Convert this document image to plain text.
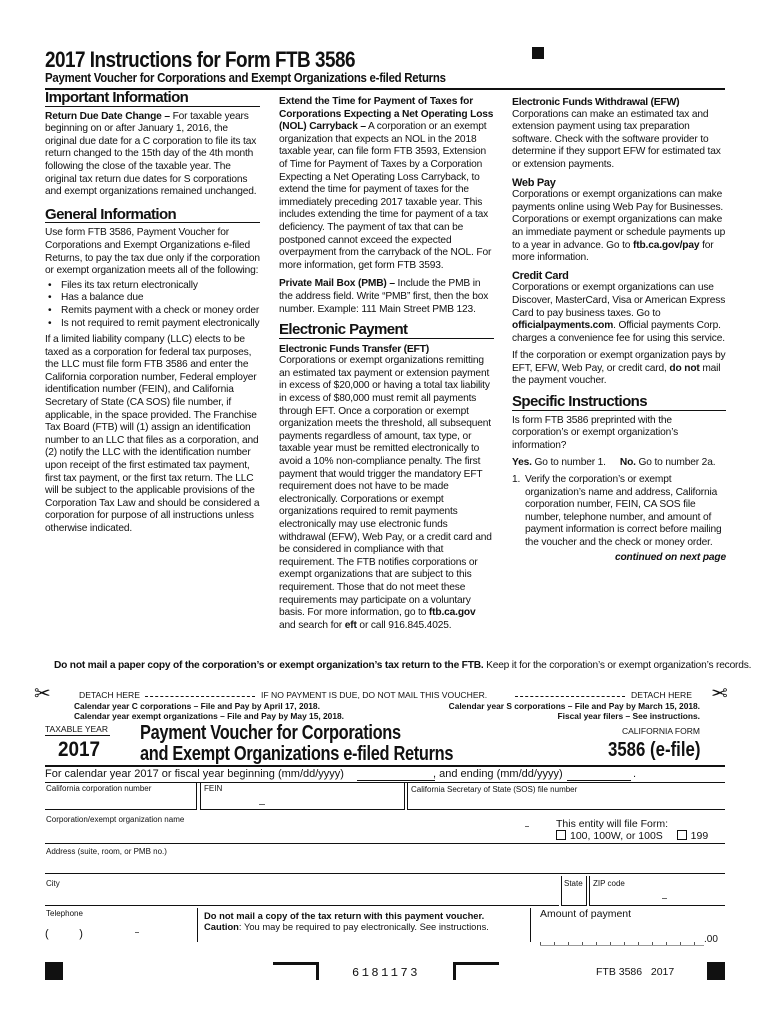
2017 Instructions for Form FTB 3586
Payment Voucher for Corporations and Exempt Organizations e-filed Returns
Important Information

Return Due Date Change – For taxable years beginning on or after January 1, 2016, the original due date for a C corporation to file its tax return changed to the 15th day of the 4th month following the close of the taxable year. The original tax return due dates for S corporations and exempt organizations remained unchanged.

General Information

Use form FTB 3586, Payment Voucher for Corporations and Exempt Organizations e-filed Returns, to pay the tax due only if the corporation or exempt organization meets all of the following:

• Files its tax return electronically
• Has a balance due
• Remits payment with a check or money order
• Is not required to remit payment electronically

If a limited liability company (LLC) elects to be taxed as a corporation for federal tax purposes, the LLC must file form FTB 3586 and enter the California corporation number, Federal employer identification number (FEIN), and California Secretary of State (CA SOS) file number, if applicable, in the space provided. The Franchise Tax Board (FTB) will (1) assign an identification number to an LLC that files as a corporation, and (2) notify the LLC with the identification number upon receipt of the first estimated tax payment, first tax payment, or the first tax return. The LLC will be subject to the applicable provisions of the Corporation Tax Law and should be considered a corporation for purpose of all instructions unless otherwise indicated.

Extend the Time for Payment of Taxes for Corporations Expecting a Net Operating Loss (NOL) Carryback – A corporation or an exempt organization that expects an NOL in the 2018 taxable year, can file form FTB 3593, Extension of Time for Payment of Taxes by a Corporation Expecting a Net Operating Loss Carryback, to extend the time for payment of taxes for the immediately preceding 2017 taxable year. This includes extending the time for payment of a tax deficiency. The payment of tax that can be postponed cannot exceed the expected overpayment from the carryback of the NOL. For more information, get form FTB 3593.

Private Mail Box (PMB) – Include the PMB in the address field. Write “PMB” first, then the box number. Example: 111 Main Street PMB 123.

Electronic Payment
Electronic Funds Transfer (EFT)

Corporations or exempt organizations remitting an estimated tax payment or extension payment in excess of $20,000 or having a total tax liability in excess of $80,000 must remit all payments through EFT. Once a corporation or exempt organization meets the threshold, all subsequent payments regardless of amount, tax type, or taxable year must be remitted electronically to avoid a 10% non-compliance penalty. The first payment that would trigger the mandatory EFT requirement does not have to be made electronically. Corporations or exempt organizations required to remit payments electronically may use electronic funds withdrawal (EFW), Web Pay, or a credit card and be considered in compliance with that requirement. The FTB notifies corporations or exempt organizations that are subject to this requirement. Those that do not meet these requirements may participate on a voluntary basis. For more information, go to ftb.ca.gov and search for eft or call 916.845.4025.

Electronic Funds Withdrawal (EFW)

Corporations can make an estimated tax and extension payment using tax preparation software. Check with the software provider to determine if they support EFW for estimated tax or extension payments.

Web Pay

Corporations or exempt organizations can make payments online using Web Pay for Businesses. Corporations or exempt organizations can make an immediate payment or schedule payments up to a year in advance. Go to ftb.ca.gov/pay for more information.

Credit Card

Corporations or exempt organizations can use Discover, MasterCard, Visa or American Express Card to pay business taxes. Go to officialpayments.com. Official payments Corp. charges a convenience fee for using this service.

If the corporation or exempt organization pays by EFT, EFW, Web Pay, or credit card, do not mail the payment voucher.

Specific Instructions

Is form FTB 3586 preprinted with the corporation’s or exempt organization’s information?

Yes. Go to number 1. No. Go to number 2a.

1. Verify the corporation’s or exempt organization’s name and address, California corporation number, FEIN, CA SOS file number, telephone number, and amount of payment information is correct before mailing the voucher and the check or money order.

continued on next page

Do not mail a paper copy of the corporation’s or exempt organization’s tax return to the FTB. Keep it for the corporation’s or exempt organization’s records.
✂	✂
DETACH HERE	IF NO PAYMENT IS DUE, DO NOT MAIL THIS VOUCHER.	DETACH HERE
Calendar year C corporations – File and Pay by April 17, 2018.
Calendar year exempt organizations – File and Pay by May 15, 2018.
Calendar year S corporations – File and Pay by March 15, 2018.
Fiscal year filers – See instructions.
TAXABLE YEAR
2017
Payment Voucher for Corporations
and Exempt Organizations e-filed Returns
CALIFORNIA FORM
3586 (e-file)
For calendar year 2017 or fiscal year beginning (mm/dd/yyyy)	, and ending (mm/dd/yyyy)	.
California corporation number	FEIN	California Secretary of State (SOS) file number
Corporation/exempt organization name	This entity will file Form:
100, 100W, or 100S	199
Address (suite, room, or PMB no.)
City	State ZIP code
Telephone
(          )
Do not mail a copy of the tax return with this payment voucher.
Caution: You may be required to pay electronically. See instructions.
Amount of payment
.00
6181173	FTB 3586   2017
